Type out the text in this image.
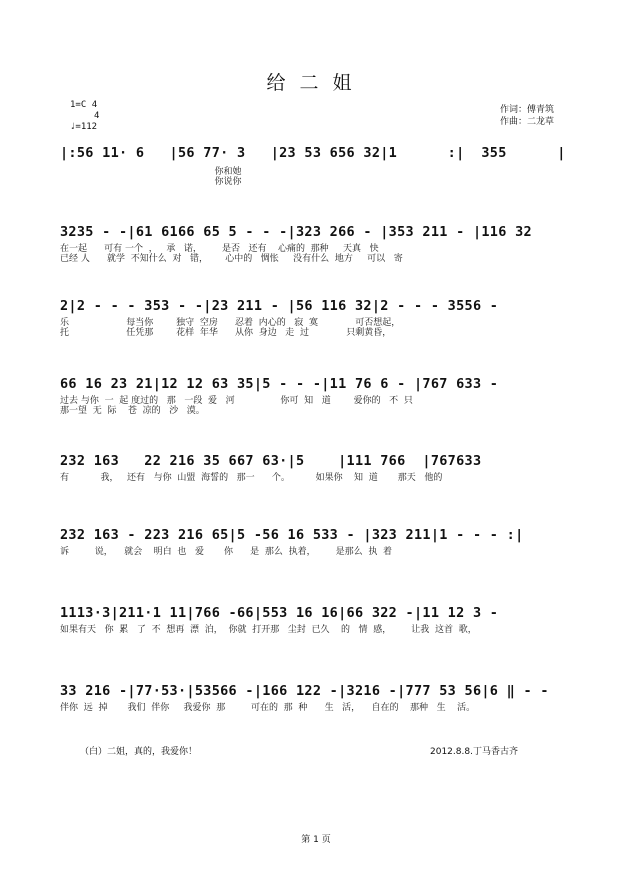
给二姐
1=C 4
4
♩=112
作词：傅青筑
作曲：二龙草
|:56 11· 6   |56 77· 3   |23 53 656 32|1      :|  355      |
你和她
你说你
3235 - -|61 6166 65 5 - - -|323 266 - |353 211 - |116 32
在一起      可有 一个  ，   承   诺，       是否   还有    心痛的  那种     天真   快
已经 人      就学  不知什么  对   错，      心中的   惆怅     没有什么  地方     可以   寄
2|2 - - - 353 - -|23 211 - |56 116 32|2 - - - 3556 -
乐                    每当你        独守  空房      忍着  内心的   寂  寞             可否想起，
托                    任凭那        花样  年华      从你  身边   走  过             只剩黄昏，
66 16 23 21|12 12 63 35|5 - - -|11 76 6 - |767 633 -
过去 与你  一  起 度过的   那   一段  爱   河                你可  知   道        爱你的   不  只
那一望  无  际    苍  凉的   沙   漠。
232 163   22 216 35 667 63·|5    |111 766  |767633
有           我，   还有   与你  山盟  海誓的   那一      个。         如果你    知  道       那天   他的
232 163 - 223 216 65|5 -56 16 533 - |323 211|1 - - - :|
诉         说，    就会    明白  也   爱       你      是  那么  执着，       是那么  执  着
1113·3|211·1 11|766 -66|553 16 16|66 322 -|11 12 3 -
如果有天   你  累   了  不  想再  漂  泊，  你就  打开那   尘封  已久    的   情  感，       让我  这首  歌，
33 216 -|77·53·|53566 -|166 122 -|3216 -|777 53 56|6 ‖ - -
伴你  远  掉       我们  伴你     我爱你  那         可在的  那  种      生   活，    自在的    那种   生    活。
（白）二姐，真的，我爱你！	2012.8.8.丁马香古齐
第 1 页
